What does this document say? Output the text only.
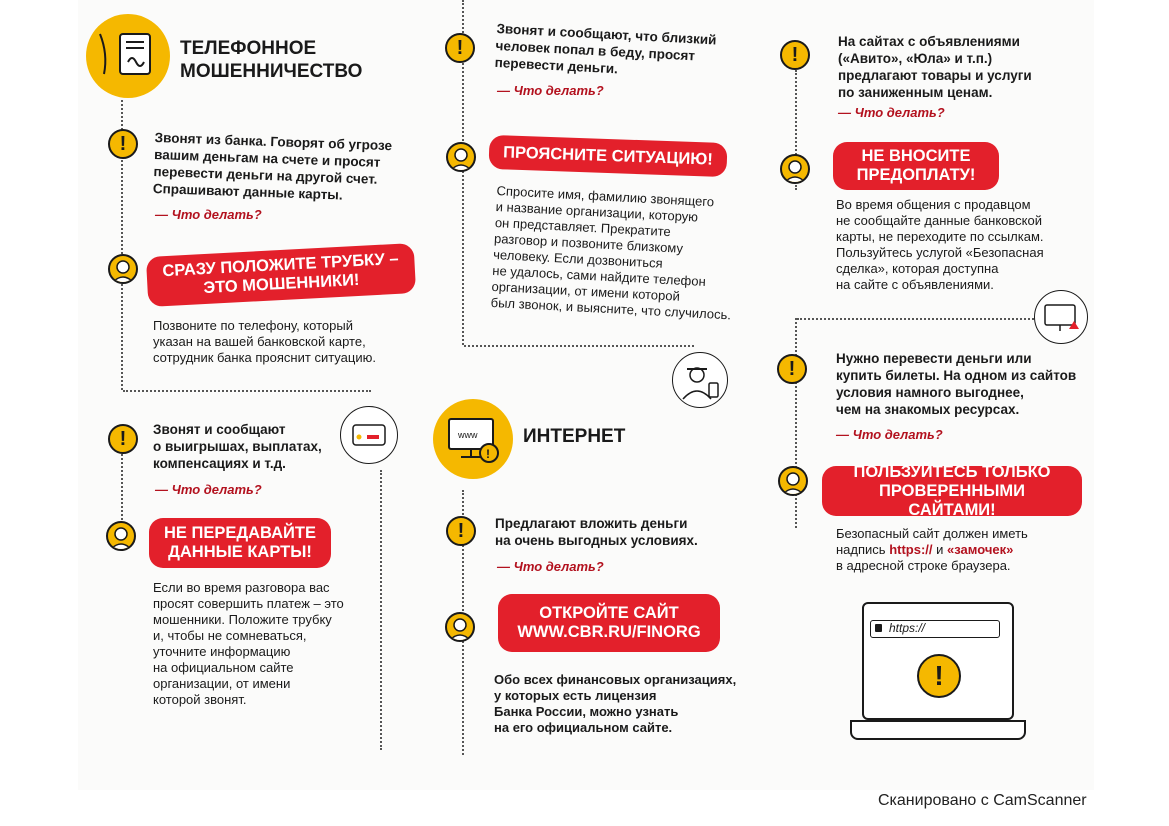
ТЕЛЕФОННОЕ
МОШЕННИЧЕСТВО
!	Звонят из банка. Говорят об угрозе
вашим деньгам на счете и просят
перевести деньги на другой счет.
Спрашивают данные карты.
— Что делать?
СРАЗУ ПОЛОЖИТЕ ТРУБКУ –
ЭТО МОШЕННИКИ!
Позвоните по телефону, который
указан на вашей банковской карте,
сотрудник банка прояснит ситуацию.
!	Звонят и сообщают
о выигрышах, выплатах,
компенсациях и т.д.
— Что делать?
НЕ ПЕРЕДАВАЙТЕ
ДАННЫЕ КАРТЫ!
Если во время разговора вас
просят совершить платеж – это
мошенники. Положите трубку
и, чтобы не сомневаться,
уточните информацию
на официальном сайте
организации, от имени
которой звонят.
!	Звонят и сообщают, что близкий
человек попал в беду, просят
перевести деньги.
— Что делать?
ПРОЯСНИТЕ СИТУАЦИЮ!
Спросите имя, фамилию звонящего
и название организации, которую
он представляет. Прекратите
разговор и позвоните близкому
человеку. Если дозвониться
не удалось, сами найдите телефон
организации, от имени которой
был звонок, и выясните, что случилось.
www
!
ИНТЕРНЕТ
!	Предлагают вложить деньги
на очень выгодных условиях.
— Что делать?
ОТКРОЙТЕ САЙТ
WWW.CBR.RU/FINORG
Обо всех финансовых организациях,
у которых есть лицензия
Банка России, можно узнать
на его официальном сайте.
!
На сайтах с объявлениями
(«Авито», «Юла» и т.п.)
предлагают товары и услуги
по заниженным ценам.
— Что делать?
НЕ ВНОСИТЕ
ПРЕДОПЛАТУ!
Во время общения с продавцом
не сообщайте данные банковской
карты, не переходите по ссылкам.
Пользуйтесь услугой «Безопасная
сделка», которая доступна
на сайте с объявлениями.
!	Нужно перевести деньги или
купить билеты. На одном из сайтов
условия намного выгоднее,
чем на знакомых ресурсах.
— Что делать?
ПОЛЬЗУЙТЕСЬ ТОЛЬКО
ПРОВЕРЕННЫМИ САЙТАМИ!
Безопасный сайт должен иметь
надпись https:// и «замочек»
в адресной строке браузера.
https://
!
Сканировано с CamScanner
